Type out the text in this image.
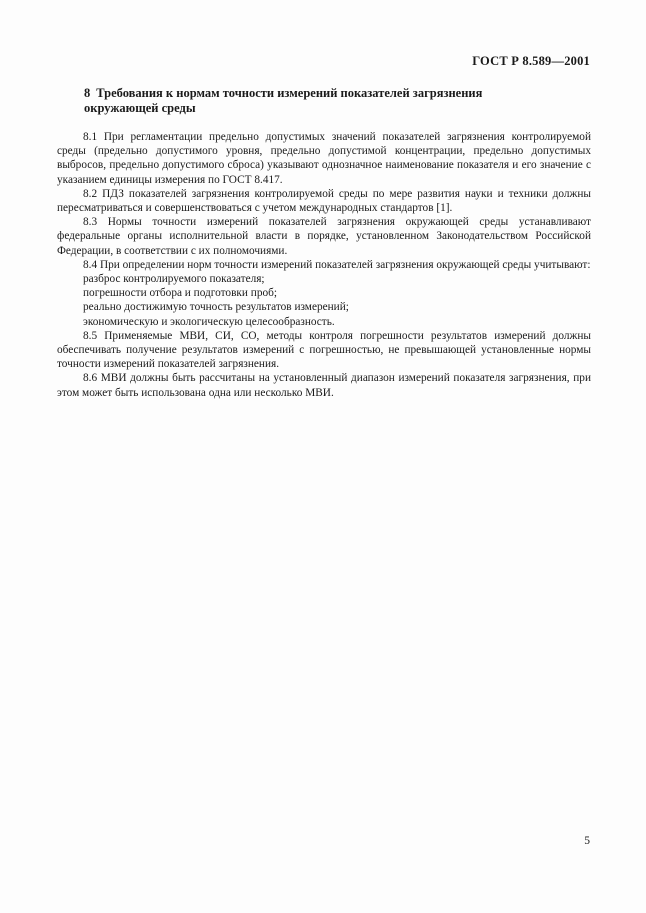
ГОСТ Р 8.589—2001
8 Требования к нормам точности измерений показателей загрязнения окружающей среды

8.1 При регламентации предельно допустимых значений показателей загрязнения контролируемой среды (предельно допустимого уровня, предельно допустимой концентрации, предельно допустимых выбросов, предельно допустимого сброса) указывают однозначное наименование показателя и его значение с указанием единицы измерения по ГОСТ 8.417.

8.2 ПДЗ показателей загрязнения контролируемой среды по мере развития науки и техники должны пересматриваться и совершенствоваться с учетом международных стандартов [1].

8.3 Нормы точности измерений показателей загрязнения окружающей среды устанавливают федеральные органы исполнительной власти в порядке, установленном Законодательством Российской Федерации, в соответствии с их полномочиями.

8.4 При определении норм точности измерений показателей загрязнения окружающей среды учитывают:

разброс контролируемого показателя;

погрешности отбора и подготовки проб;

реально достижимую точность результатов измерений;

экономическую и экологическую целесообразность.

8.5 Применяемые МВИ, СИ, СО, методы контроля погрешности результатов измерений должны обеспечивать получение результатов измерений с погрешностью, не превышающей установленные нормы точности измерений показателей загрязнения.

8.6 МВИ должны быть рассчитаны на установленный диапазон измерений показателя загрязнения, при этом может быть использована одна или несколько МВИ.

5
